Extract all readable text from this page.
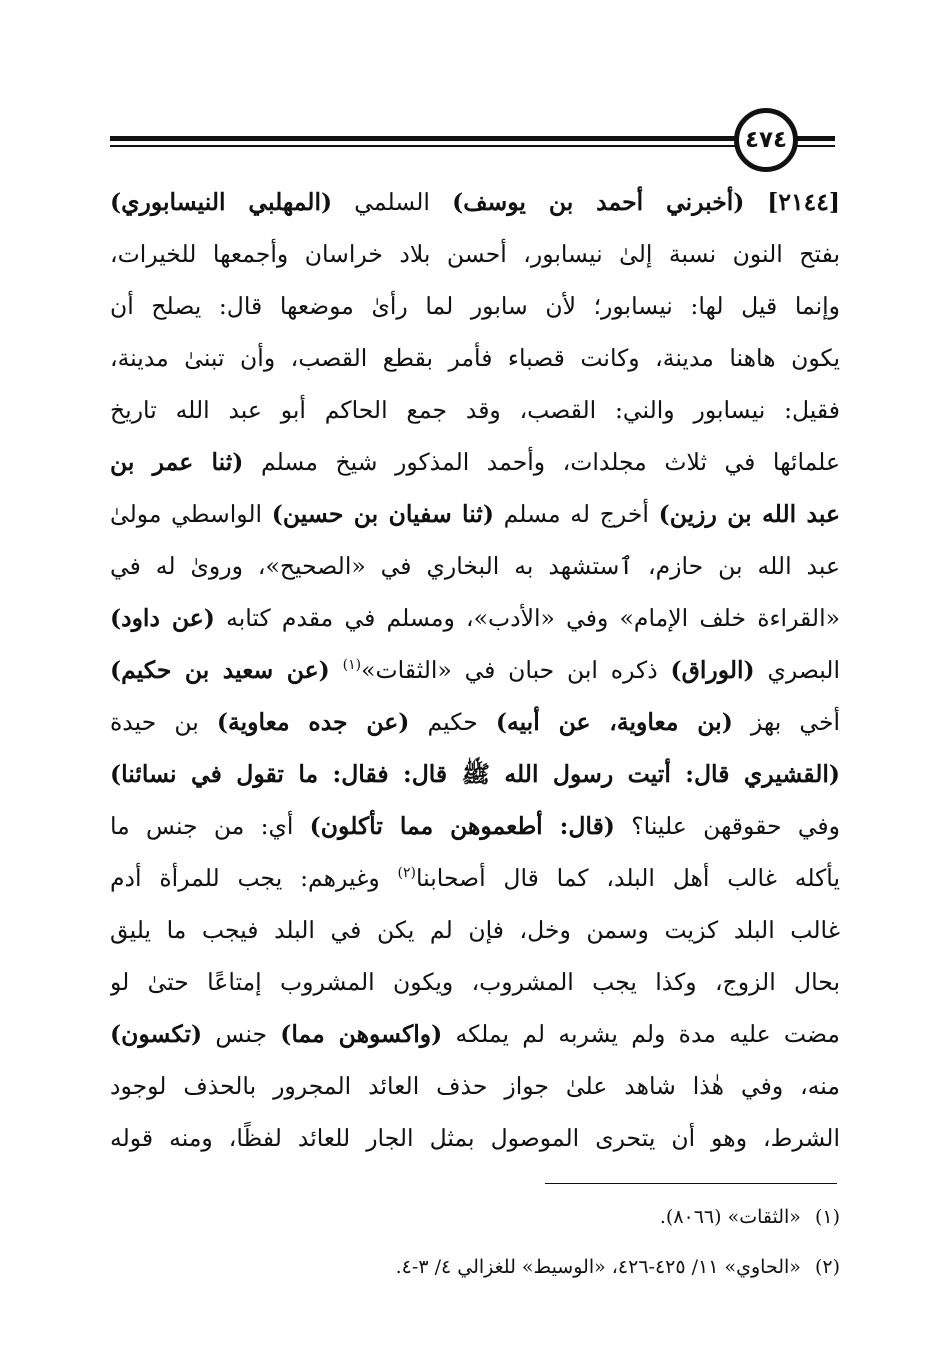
٤٧٤
[٢١٤٤] (أخبرني أحمد بن يوسف) السلمي (المهلبي النيسابوري)
بفتح النون نسبة إلىٰ نيسابور، أحسن بلاد خراسان وأجمعها للخيرات،
وإنما قيل لها: نيسابور؛ لأن سابور لما رأىٰ موضعها قال: يصلح أن
يكون هاهنا مدينة، وكانت قصباء فأمر بقطع القصب، وأن تبنىٰ مدينة،
فقيل: نيسابور والني: القصب، وقد جمع الحاكم أبو عبد الله تاريخ
علمائها في ثلاث مجلدات، وأحمد المذكور شيخ مسلم (ثنا عمر بن
عبد الله بن رزين) أخرج له مسلم (ثنا سفيان بن حسين) الواسطي مولىٰ
عبد الله بن حازم، ٱستشهد به البخاري في «الصحيح»، وروىٰ له في
«القراءة خلف الإمام» وفي «الأدب»، ومسلم في مقدم كتابه (عن داود)
البصري (الوراق) ذكره ابن حبان في «الثقات»$^{(١)}$ (عن سعيد بن حكيم)
أخي بهز (بن معاوية، عن أبيه) حكيم (عن جده معاوية) بن حيدة
(القشيري قال: أتيت رسول الله ﷺ قال: فقال: ما تقول في نسائنا)
وفي حقوقهن علينا؟ (قال: أطعموهن مما تأكلون) أي: من جنس ما
يأكله غالب أهل البلد، كما قال أصحابنا$^{(٢)}$ وغيرهم: يجب للمرأة أدم
غالب البلد كزيت وسمن وخل، فإن لم يكن في البلد فيجب ما يليق
بحال الزوج، وكذا يجب المشروب، ويكون المشروب إمتاعًا حتىٰ لو
مضت عليه مدة ولم يشربه لم يملكه (واكسوهن مما) جنس (تكسون)
منه، وفي هٰذا شاهد علىٰ جواز حذف العائد المجرور بالحذف لوجود
الشرط، وهو أن يتحرى الموصول بمثل الجار للعائد لفظًا، ومنه قوله
(١)«الثقات» (٨٠٦٦).
(٢)«الحاوي» ١١/ ٤٢٥-٤٢٦، «الوسيط» للغزالي ٤/ ٣-٤.
